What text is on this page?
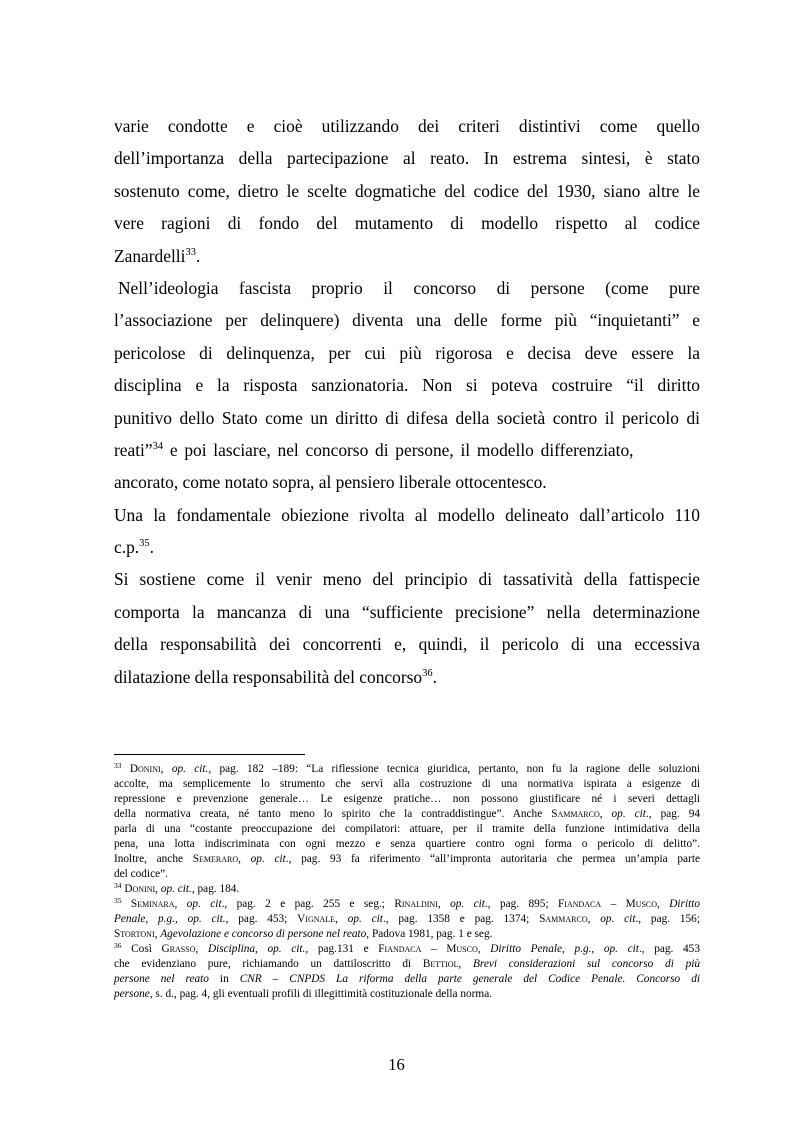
varie condotte e cioè utilizzando dei criteri distintivi come quello
dell’importanza della partecipazione al reato. In estrema sintesi, è stato
sostenuto come, dietro le scelte dogmatiche del codice del 1930, siano altre le
vere ragioni di fondo del mutamento di modello rispetto al codice
Zanardelli$^{33}$.
Nell’ideologia fascista proprio il concorso di persone (come pure
l’associazione per delinquere) diventa una delle forme più “inquietanti” e
pericolose di delinquenza, per cui più rigorosa e decisa deve essere la
disciplina e la risposta sanzionatoria. Non si poteva costruire “il diritto
punitivo dello Stato come un diritto di difesa della società contro il pericolo di
reati”$^{34}$ e poi lasciare, nel concorso di persone, il modello differenziato,
ancorato, come notato sopra, al pensiero liberale ottocentesco.
Una la fondamentale obiezione rivolta al modello delineato dall’articolo 110
c.p.$^{35}$.
Si sostiene come il venir meno del principio di tassatività della fattispecie
comporta la mancanza di una “sufficiente precisione” nella determinazione
della responsabilità dei concorrenti e, quindi, il pericolo di una eccessiva
dilatazione della responsabilità del concorso$^{36}$.
$^{33}$ Donini, op. cit., pag. 182 –189: “La riflessione tecnica giuridica, pertanto, non fu la ragione delle soluzioni
accolte, ma semplicemente lo strumento che servì alla costruzione di una normativa ispirata a esigenze di
repressione e prevenzione generale… Le esigenze pratiche… non possono giustificare né i severi dettagli
della normativa creata, né tanto meno lo spirito che la contraddistingue”. Anche Sammarco, op. cit., pag. 94
parla di una “costante preoccupazione dei compilatori: attuare, per il tramite della funzione intimidativa della
pena, una lotta indiscriminata con ogni mezzo e senza quartiere contro ogni forma o pericolo di delitto”.
Inoltre, anche Semeraro, op. cit., pag. 93 fa riferimento “all’impronta autoritaria che permea un’ampia parte
del codice”.
$^{34}$ Donini, op. cit., pag. 184.
$^{35}$ Seminara, op. cit., pag. 2 e pag. 255 e seg.; Rinaldini, op. cit., pag. 895; Fiandaca – Musco, Diritto
Penale, p.g., op. cit., pag. 453; Vignale, op. cit., pag. 1358 e pag. 1374; Sammarco, op. cit., pag. 156;
Stortoni, Agevolazione e concorso di persone nel reato, Padova 1981, pag. 1 e seg.
$^{36}$ Così Grasso, Disciplina, op. cit., pag.131 e Fiandaca – Musco, Diritto Penale, p.g., op. cit., pag. 453
che evidenziano pure, richiamando un dattiloscritto di Bettiol, Brevi considerazioni sul concorso di più
persone nel reato in CNR – CNPDS La riforma della parte generale del Codice Penale. Concorso di
persone, s. d., pag. 4, gli eventuali profili di illegittimità costituzionale della norma.
16
